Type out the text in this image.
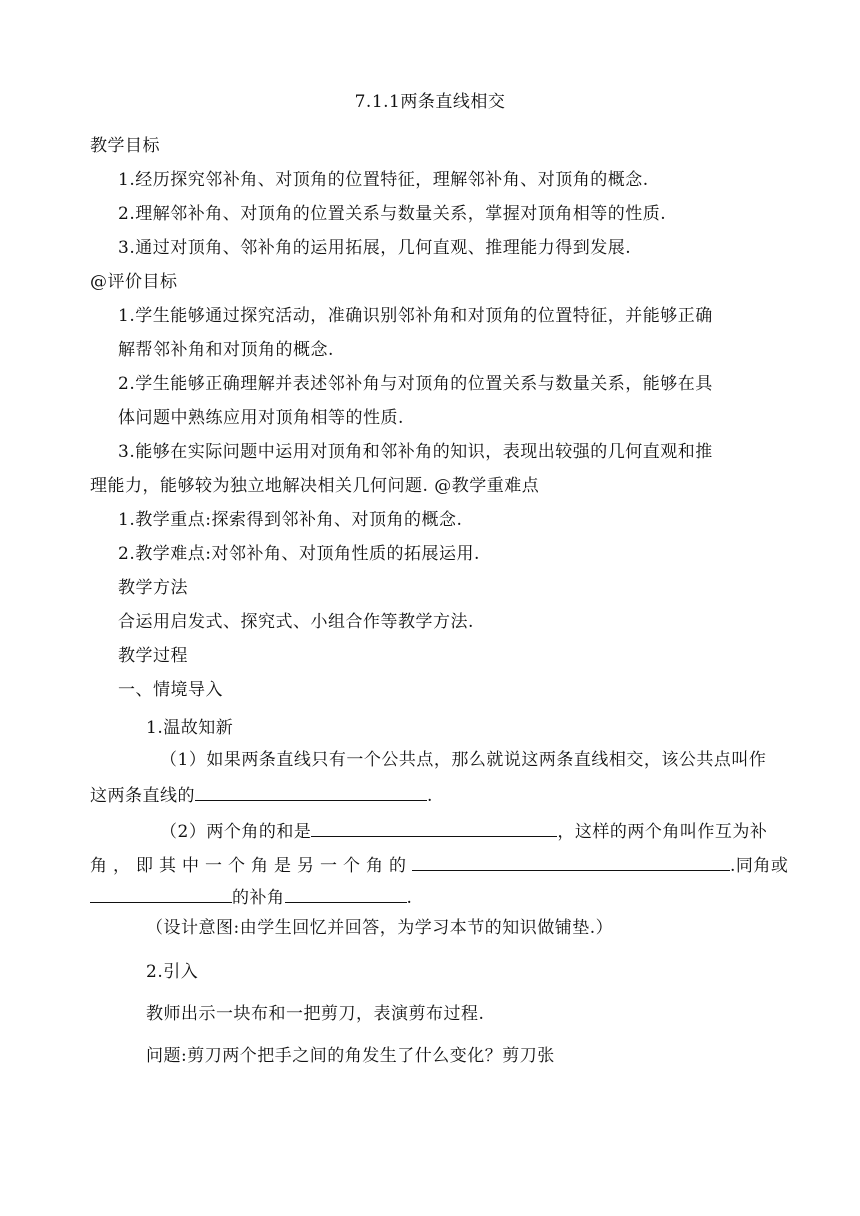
7.1.1两条直线相交
教学目标
1.经历探究邻补角、对顶角的位置特征，理解邻补角、对顶角的概念.
2.理解邻补角、对顶角的位置关系与数量关系，掌握对顶角相等的性质.
3.通过对顶角、邻补角的运用拓展，几何直观、推理能力得到发展.
@评价目标
1.学生能够通过探究活动，准确识别邻补角和对顶角的位置特征，并能够正确
解帮邻补角和对顶角的概念.
2.学生能够正确理解并表述邻补角与对顶角的位置关系与数量关系，能够在具
体问题中熟练应用对顶角相等的性质.
3.能够在实际问题中运用对顶角和邻补角的知识，表现出较强的几何直观和推
理能力，能够较为独立地解决相关几何问题. @教学重难点
1.教学重点:探索得到邻补角、对顶角的概念.
2.教学难点:对邻补角、对顶角性质的拓展运用.
教学方法
合运用启发式、探究式、小组合作等教学方法.
教学过程
一、情境导入
1.温故知新
（1）如果两条直线只有一个公共点，那么就说这两条直线相交，该公共点叫作
这两条直线的	.
（2）两个角的和是	，这样的两个角叫作互为补
角，即其中一个角是另一个角的	.同角或
的补角	.
（设计意图:由学生回忆并回答，为学习本节的知识做铺垫.）
2.引入
教师出示一块布和一把剪刀，表演剪布过程.
问题:剪刀两个把手之间的角发生了什么变化？剪刀张
